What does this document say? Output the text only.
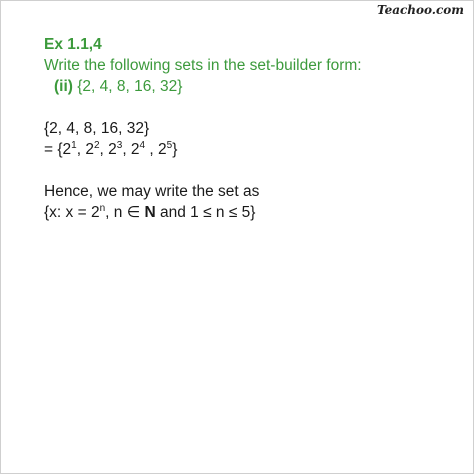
Teachoo.com
Ex 1.1,4
Write the following sets in the set-builder form:
(ii) {2, 4, 8, 16, 32}
{2, 4, 8, 16, 32}
= {$2^1$, $2^2$, $2^3$, $2^4$ , $2^5$}
Hence, we may write the set as
{x: $x = 2^n$, n ∈ N and 1 ≤ n ≤ 5}
